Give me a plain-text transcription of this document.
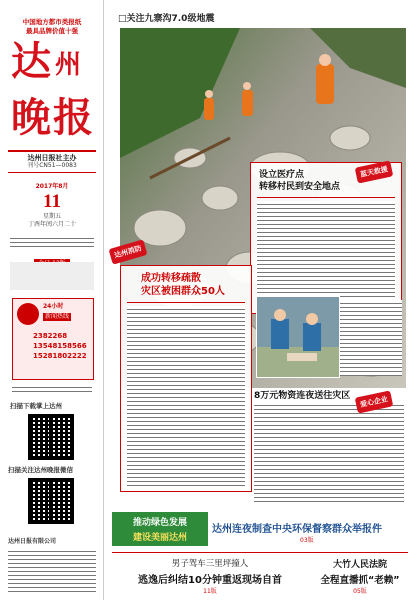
中国地方都市类报纸
最具品牌价值十强
达 州
晚 报
达州日报社主办
刊号CN51—0083
2017年8月
11
星期五
丁酉年闰六月二十
24小时
新闻热线
2382268
13548158566
15281802222
扫描下载掌上达州
扫描关注达州晚报微信
达州日报有限公司
□关注九寨沟7.0级地震
设立医疗点
转移村民到安全地点
蓝天救援
达州消防
成功转移疏散
灾区被困群众50人
8万元物资连夜送往灾区	爱心企业
推动绿色发展
建设美丽达州
达州连夜制查中央环保督察群众举报件
03版
男子驾车三里坪撞人
逃逸后纠结10分钟重返现场自首
11版
大竹人民法院
全程直播抓“老赖”
05版
